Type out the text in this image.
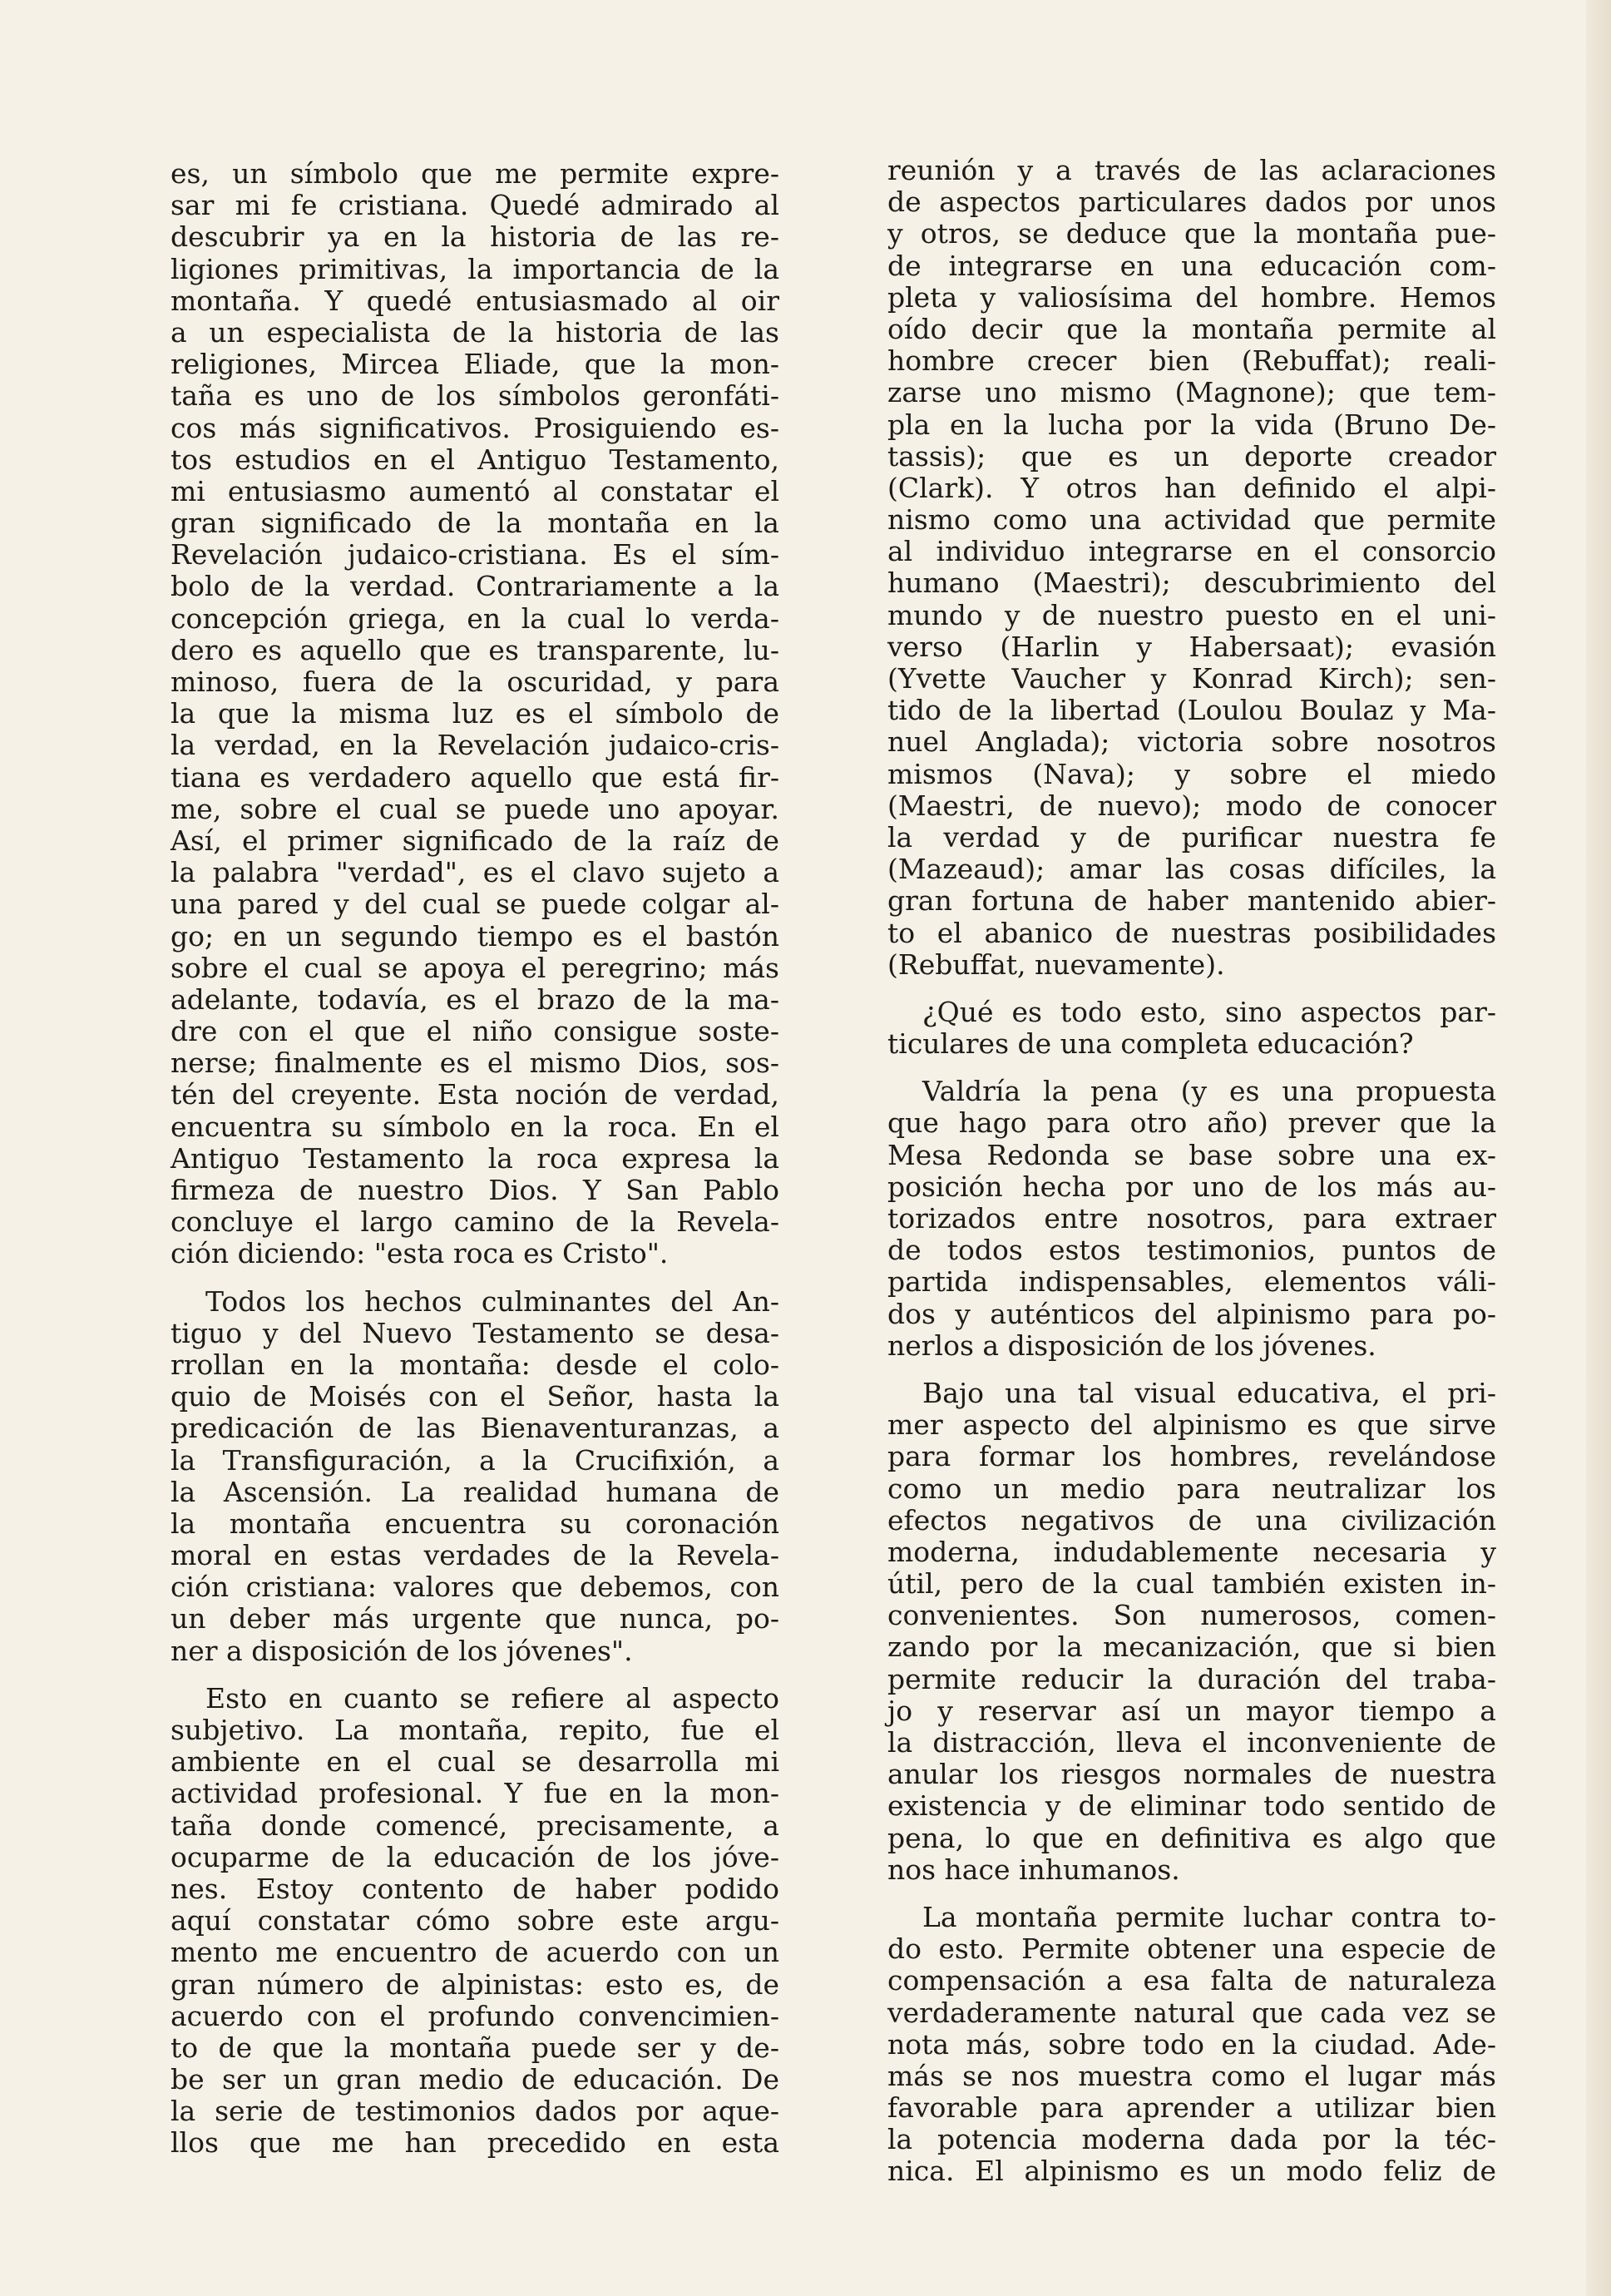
es, un símbolo que me permite expre-
sar mi fe cristiana. Quedé admirado al
descubrir ya en la historia de las re-
ligiones primitivas, la importancia de la
montaña. Y quedé entusiasmado al oir
a un especialista de la historia de las
religiones, Mircea Eliade, que la mon-
taña es uno de los símbolos geronfáti-
cos más significativos. Prosiguiendo es-
tos estudios en el Antiguo Testamento,
mi entusiasmo aumentó al constatar el
gran significado de la montaña en la
Revelación judaico-cristiana. Es el sím-
bolo de la verdad. Contrariamente a la
concepción griega, en la cual lo verda-
dero es aquello que es transparente, lu-
minoso, fuera de la oscuridad, y para
la que la misma luz es el símbolo de
la verdad, en la Revelación judaico-cris-
tiana es verdadero aquello que está fir-
me, sobre el cual se puede uno apoyar.
Así, el primer significado de la raíz de
la palabra "verdad", es el clavo sujeto a
una pared y del cual se puede colgar al-
go; en un segundo tiempo es el bastón
sobre el cual se apoya el peregrino; más
adelante, todavía, es el brazo de la ma-
dre con el que el niño consigue soste-
nerse; finalmente es el mismo Dios, sos-
tén del creyente. Esta noción de verdad,
encuentra su símbolo en la roca. En el
Antiguo Testamento la roca expresa la
firmeza de nuestro Dios. Y San Pablo
concluye el largo camino de la Revela-
ción diciendo: "esta roca es Cristo".
Todos los hechos culminantes del An-
tiguo y del Nuevo Testamento se desa-
rrollan en la montaña: desde el colo-
quio de Moisés con el Señor, hasta la
predicación de las Bienaventuranzas, a
la Transfiguración, a la Crucifixión, a
la Ascensión. La realidad humana de
la montaña encuentra su coronación
moral en estas verdades de la Revela-
ción cristiana: valores que debemos, con
un deber más urgente que nunca, po-
ner a disposición de los jóvenes".
Esto en cuanto se refiere al aspecto
subjetivo. La montaña, repito, fue el
ambiente en el cual se desarrolla mi
actividad profesional. Y fue en la mon-
taña donde comencé, precisamente, a
ocuparme de la educación de los jóve-
nes. Estoy contento de haber podido
aquí constatar cómo sobre este argu-
mento me encuentro de acuerdo con un
gran número de alpinistas: esto es, de
acuerdo con el profundo convencimien-
to de que la montaña puede ser y de-
be ser un gran medio de educación. De
la serie de testimonios dados por aque-
llos que me han precedido en esta
reunión y a través de las aclaraciones
de aspectos particulares dados por unos
y otros, se deduce que la montaña pue-
de integrarse en una educación com-
pleta y valiosísima del hombre. Hemos
oído decir que la montaña permite al
hombre crecer bien (Rebuffat); reali-
zarse uno mismo (Magnone); que tem-
pla en la lucha por la vida (Bruno De-
tassis); que es un deporte creador
(Clark). Y otros han definido el alpi-
nismo como una actividad que permite
al individuo integrarse en el consorcio
humano (Maestri); descubrimiento del
mundo y de nuestro puesto en el uni-
verso (Harlin y Habersaat); evasión
(Yvette Vaucher y Konrad Kirch); sen-
tido de la libertad (Loulou Boulaz y Ma-
nuel Anglada); victoria sobre nosotros
mismos (Nava); y sobre el miedo
(Maestri, de nuevo); modo de conocer
la verdad y de purificar nuestra fe
(Mazeaud); amar las cosas difíciles, la
gran fortuna de haber mantenido abier-
to el abanico de nuestras posibilidades
(Rebuffat, nuevamente).
¿Qué es todo esto, sino aspectos par-
ticulares de una completa educación?
Valdría la pena (y es una propuesta
que hago para otro año) prever que la
Mesa Redonda se base sobre una ex-
posición hecha por uno de los más au-
torizados entre nosotros, para extraer
de todos estos testimonios, puntos de
partida indispensables, elementos váli-
dos y auténticos del alpinismo para po-
nerlos a disposición de los jóvenes.
Bajo una tal visual educativa, el pri-
mer aspecto del alpinismo es que sirve
para formar los hombres, revelándose
como un medio para neutralizar los
efectos negativos de una civilización
moderna, indudablemente necesaria y
útil, pero de la cual también existen in-
convenientes. Son numerosos, comen-
zando por la mecanización, que si bien
permite reducir la duración del traba-
jo y reservar así un mayor tiempo a
la distracción, lleva el inconveniente de
anular los riesgos normales de nuestra
existencia y de eliminar todo sentido de
pena, lo que en definitiva es algo que
nos hace inhumanos.
La montaña permite luchar contra to-
do esto. Permite obtener una especie de
compensación a esa falta de naturaleza
verdaderamente natural que cada vez se
nota más, sobre todo en la ciudad. Ade-
más se nos muestra como el lugar más
favorable para aprender a utilizar bien
la potencia moderna dada por la téc-
nica. El alpinismo es un modo feliz de
